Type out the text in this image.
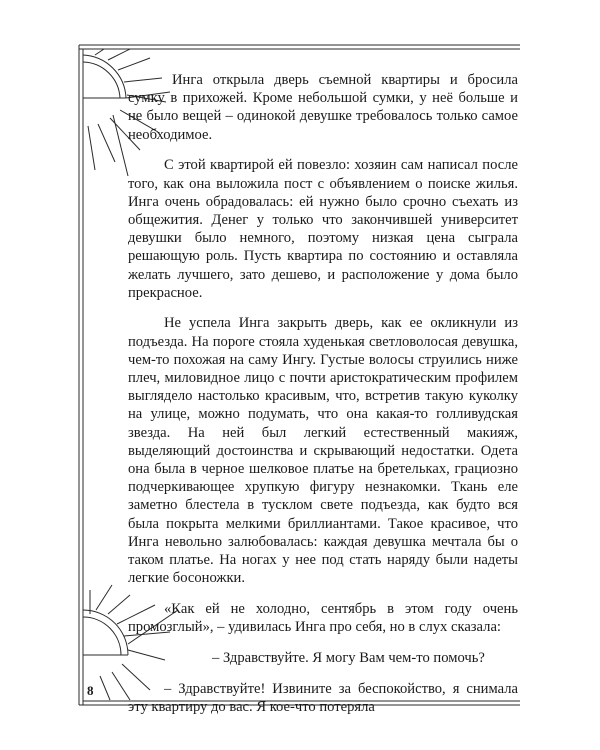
Инга открыла дверь съемной квартиры и бросила сумку в прихожей. Кроме небольшой сумки, у неё больше и не было вещей – одинокой девушке требовалось только самое необходимое.

С этой квартирой ей повезло: хозяин сам написал после того, как она выложила пост с объявлением о поиске жилья. Инга очень обрадовалась: ей нужно было срочно съехать из общежития. Денег у только что закончившей университет девушки было немного, поэтому низкая цена сыграла решающую роль. Пусть квартира по состоянию и оставляла желать лучшего, зато дешево, и расположение у дома было прекрасное.

Не успела Инга закрыть дверь, как ее окликнули из подъезда. На пороге стояла худенькая светловолосая девушка, чем-то похожая на саму Ингу. Густые волосы струились ниже плеч, миловидное лицо с почти аристократическим профилем выглядело настолько красивым, что, встретив такую куколку на улице, можно подумать, что она какая-то голливудская звезда. На ней был легкий естественный макияж, выделяющий достоинства и скрывающий недостатки. Одета она была в черное шелковое платье на бретельках, грациозно подчеркивающее хрупкую фигуру незнакомки. Ткань еле заметно блестела в тусклом свете подъезда, как будто вся была покрыта мелкими бриллиантами. Такое красивое, что Инга невольно залюбовалась: каждая девушка мечтала бы о таком платье. На ногах у нее под стать наряду были надеты легкие босоножки.

«Как ей не холодно, сентябрь в этом году очень промозглый», – удивилась Инга про себя, но в слух сказала:

– Здравствуйте. Я могу Вам чем-то помочь?

– Здравствуйте! Извините за беспокойство, я снимала эту квартиру до вас. Я кое-что потеряла

8
